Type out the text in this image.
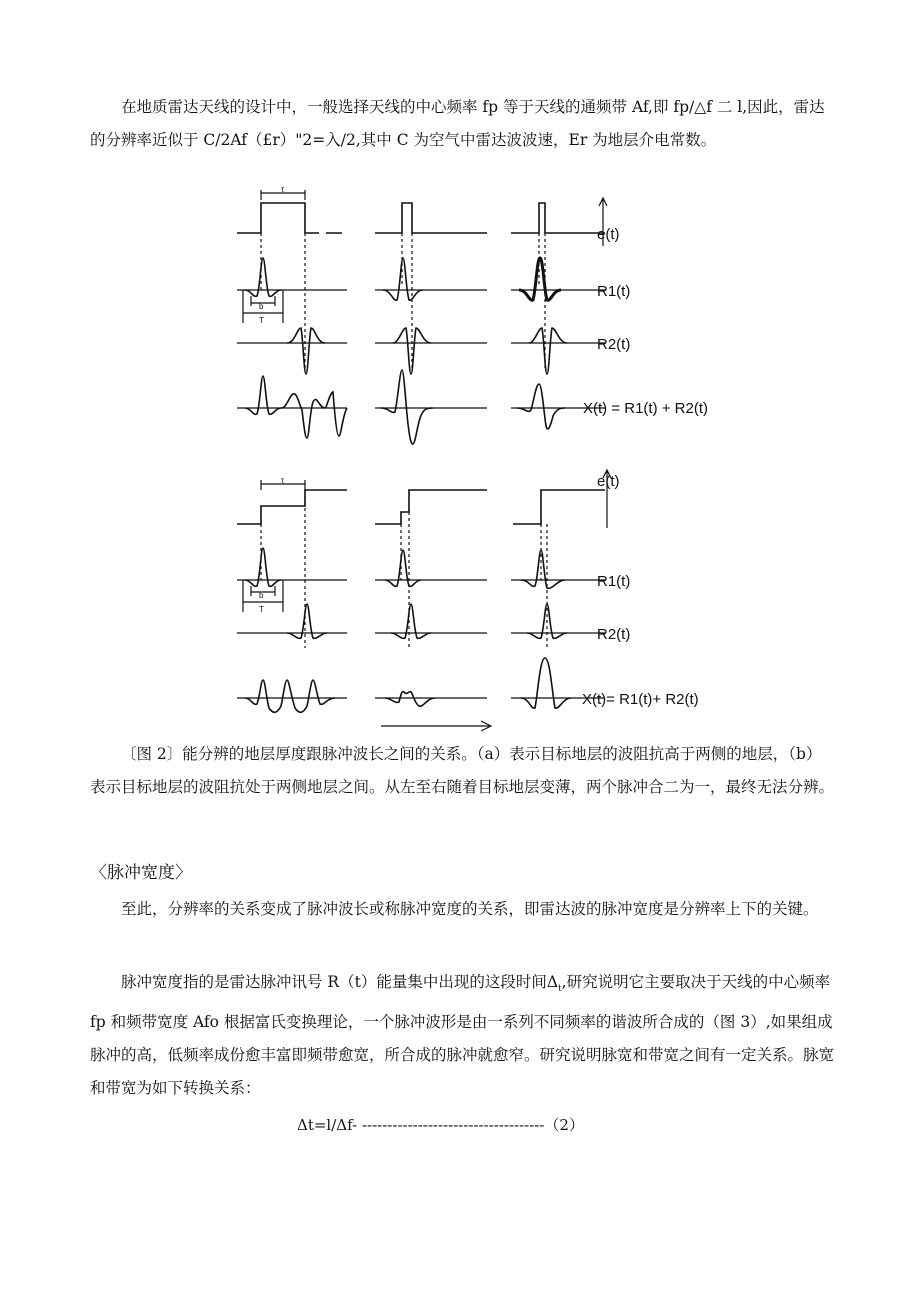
在地质雷达天线的设计中，一般选择天线的中心频率 fp 等于天线的通频带 Af,即 fp∕△f 二 l,因此，雷达的分辨率近似于 C/2Af（£r）"2=入/2,其中 C 为空气中雷达波波速，Er 为地层介电常数。

τ
e(t)
b
T
R1(t)
R2(t)
X(t) = R1(t) + R2(t)
τ	e(t)
b
T
R1(t)
R2(t)
X(t)= R1(t)+ R2(t)

〔图 2〕能分辨的地层厚度跟脉冲波长之间的关系。（a）表示目标地层的波阻抗高于两侧的地层，（b）表示目标地层的波阻抗处于两侧地层之间。从左至右随着目标地层变薄，两个脉冲合二为一，最终无法分辨。

〈脉冲宽度〉

至此，分辨率的关系变成了脉冲波长或称脉冲宽度的关系，即雷达波的脉冲宽度是分辨率上下的关键。

脉冲宽度指的是雷达脉冲讯号 R（t）能量集中出现的这段时间$\Delta_t$,研究说明它主要取决于天线的中心频率 fp 和频带宽度 Afo 根据富氏变换理论，一个脉冲波形是由一系列不同频率的谐波所合成的（图 3）,如果组成脉冲的高，低频率成份愈丰富即频带愈宽，所合成的脉冲就愈窄。研究说明脉宽和带宽之间有一定关系。脉宽和带宽为如下转换关系：

Δt=l∕Δf- ------------------------------------（2）
